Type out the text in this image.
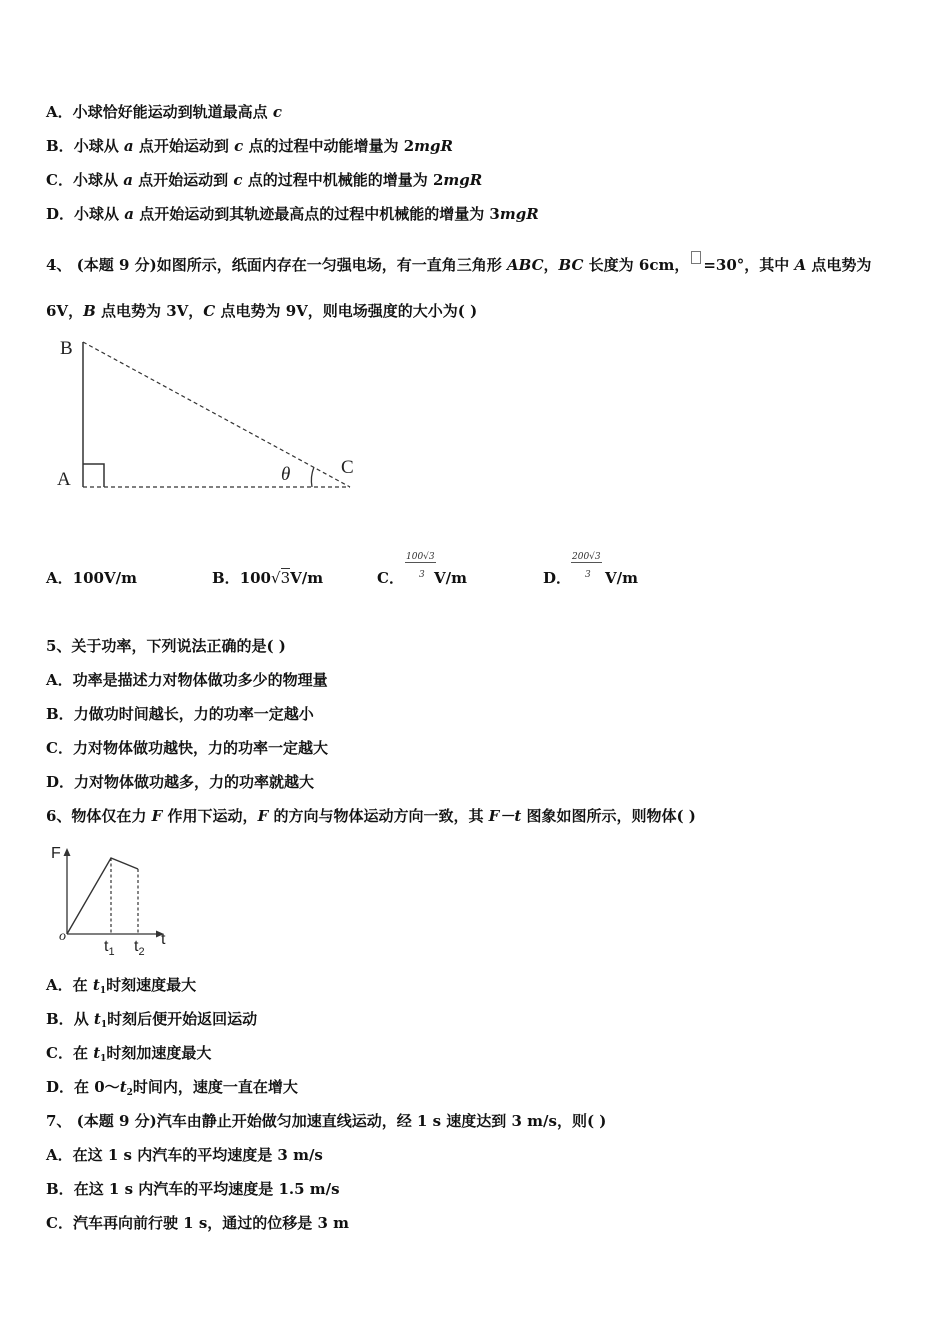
A．小球恰好能运动到轨道最高点 c
B．小球从 a 点开始运动到 c 点的过程中动能增量为 2mgR
C．小球从 a 点开始运动到 c 点的过程中机械能的增量为 2mgR
D．小球从 a 点开始运动到其轨迹最高点的过程中机械能的增量为 3mgR
4、 (本题 9 分)如图所示，纸面内存在一匀强电场，有一直角三角形 ABC，BC 长度为 6cm， =30°，其中 A 点电势为
6V，B 点电势为 3V，C 点电势为 9V，则电场强度的大小为( )
B
A
C
θ
A．100V/m	B．100√3V/m	C． V/m
100√3
3	D． V/m
200√3
3
5、关于功率，下列说法正确的是( )
A．功率是描述力对物体做功多少的物理量
B．力做功时间越长，力的功率一定越小
C．力对物体做功越快，力的功率一定越大
D．力对物体做功越多，力的功率就越大
6、物体仅在力 F 作用下运动，F 的方向与物体运动方向一致，其 F－t 图象如图所示，则物体( )
F
o
$t_1$ $t_2$
t
A．在 $t_1$时刻速度最大
B．从 $t_1$时刻后便开始返回运动
C．在 $t_1$时刻加速度最大
D．在 $0\sim t_2$时间内，速度一直在增大
7、 (本题 9 分)汽车由静止开始做匀加速直线运动，经 1 s 速度达到 3 m/s，则( )
A．在这 1 s 内汽车的平均速度是 3 m/s
B．在这 1 s 内汽车的平均速度是 1.5 m/s
C．汽车再向前行驶 1 s，通过的位移是 3 m
